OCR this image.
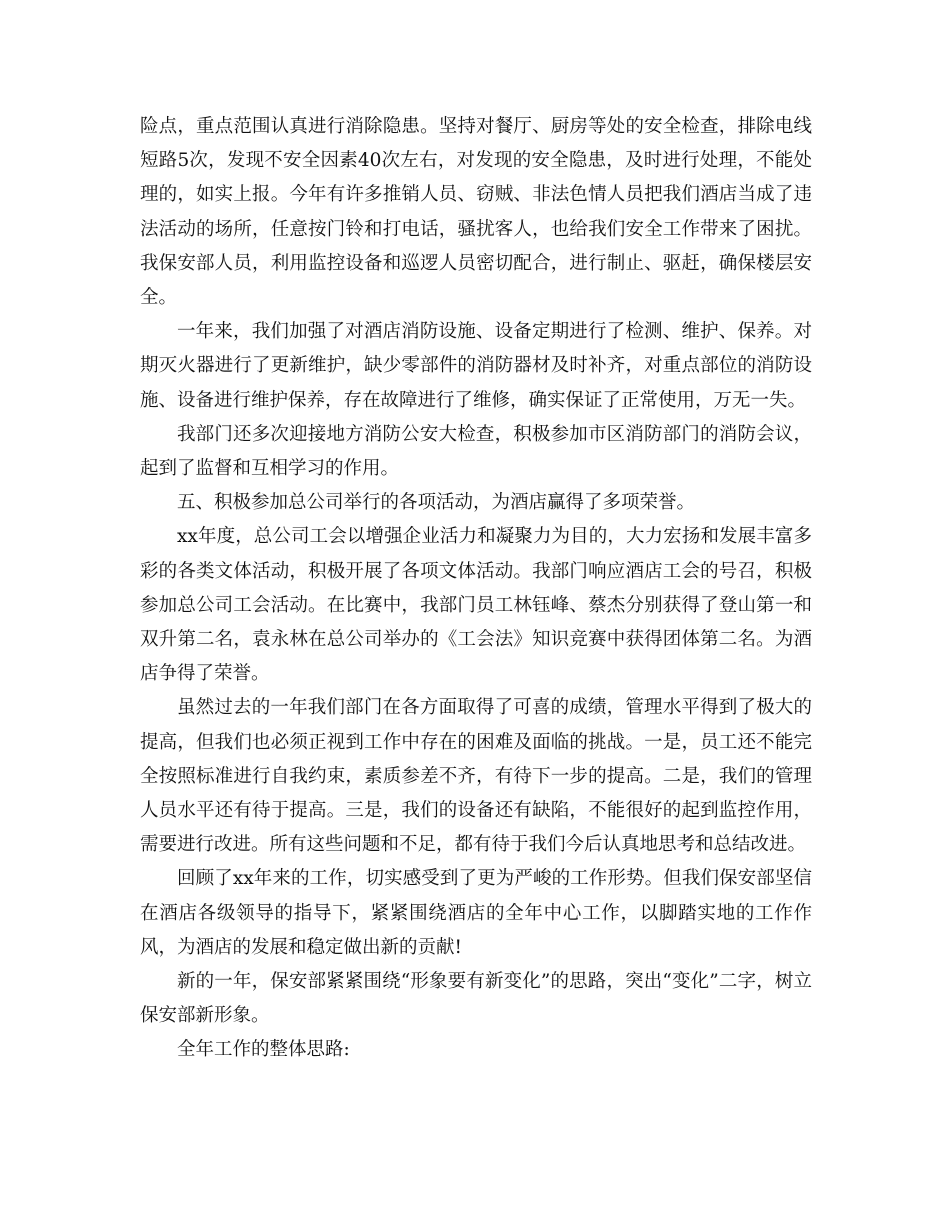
险点，重点范围认真进行消除隐患。坚持对餐厅、厨房等处的安全检查，排除电线短路5次，发现不安全因素40次左右，对发现的安全隐患，及时进行处理，不能处理的，如实上报。今年有许多推销人员、窃贼、非法色情人员把我们酒店当成了违法活动的场所，任意按门铃和打电话，骚扰客人，也给我们安全工作带来了困扰。我保安部人员，利用监控设备和巡逻人员密切配合，进行制止、驱赶，确保楼层安全。

一年来，我们加强了对酒店消防设施、设备定期进行了检测、维护、保养。对期灭火器进行了更新维护，缺少零部件的消防器材及时补齐，对重点部位的消防设施、设备进行维护保养，存在故障进行了维修，确实保证了正常使用，万无一失。

我部门还多次迎接地方消防公安大检查，积极参加市区消防部门的消防会议，起到了监督和互相学习的作用。

五、积极参加总公司举行的各项活动，为酒店赢得了多项荣誉。

xx年度，总公司工会以增强企业活力和凝聚力为目的，大力宏扬和发展丰富多彩的各类文体活动，积极开展了各项文体活动。我部门响应酒店工会的号召，积极参加总公司工会活动。在比赛中，我部门员工林钰峰、蔡杰分别获得了登山第一和双升第二名，袁永林在总公司举办的《工会法》知识竞赛中获得团体第二名。为酒店争得了荣誉。

虽然过去的一年我们部门在各方面取得了可喜的成绩，管理水平得到了极大的提高，但我们也必须正视到工作中存在的困难及面临的挑战。一是，员工还不能完全按照标准进行自我约束，素质参差不齐，有待下一步的提高。二是，我们的管理人员水平还有待于提高。三是，我们的设备还有缺陷，不能很好的起到监控作用，需要进行改进。所有这些问题和不足，都有待于我们今后认真地思考和总结改进。

回顾了xx年来的工作，切实感受到了更为严峻的工作形势。但我们保安部坚信在酒店各级领导的指导下，紧紧围绕酒店的全年中心工作，以脚踏实地的工作作风，为酒店的发展和稳定做出新的贡献!

新的一年，保安部紧紧围绕“形象要有新变化”的思路，突出“变化”二字，树立保安部新形象。

全年工作的整体思路:
